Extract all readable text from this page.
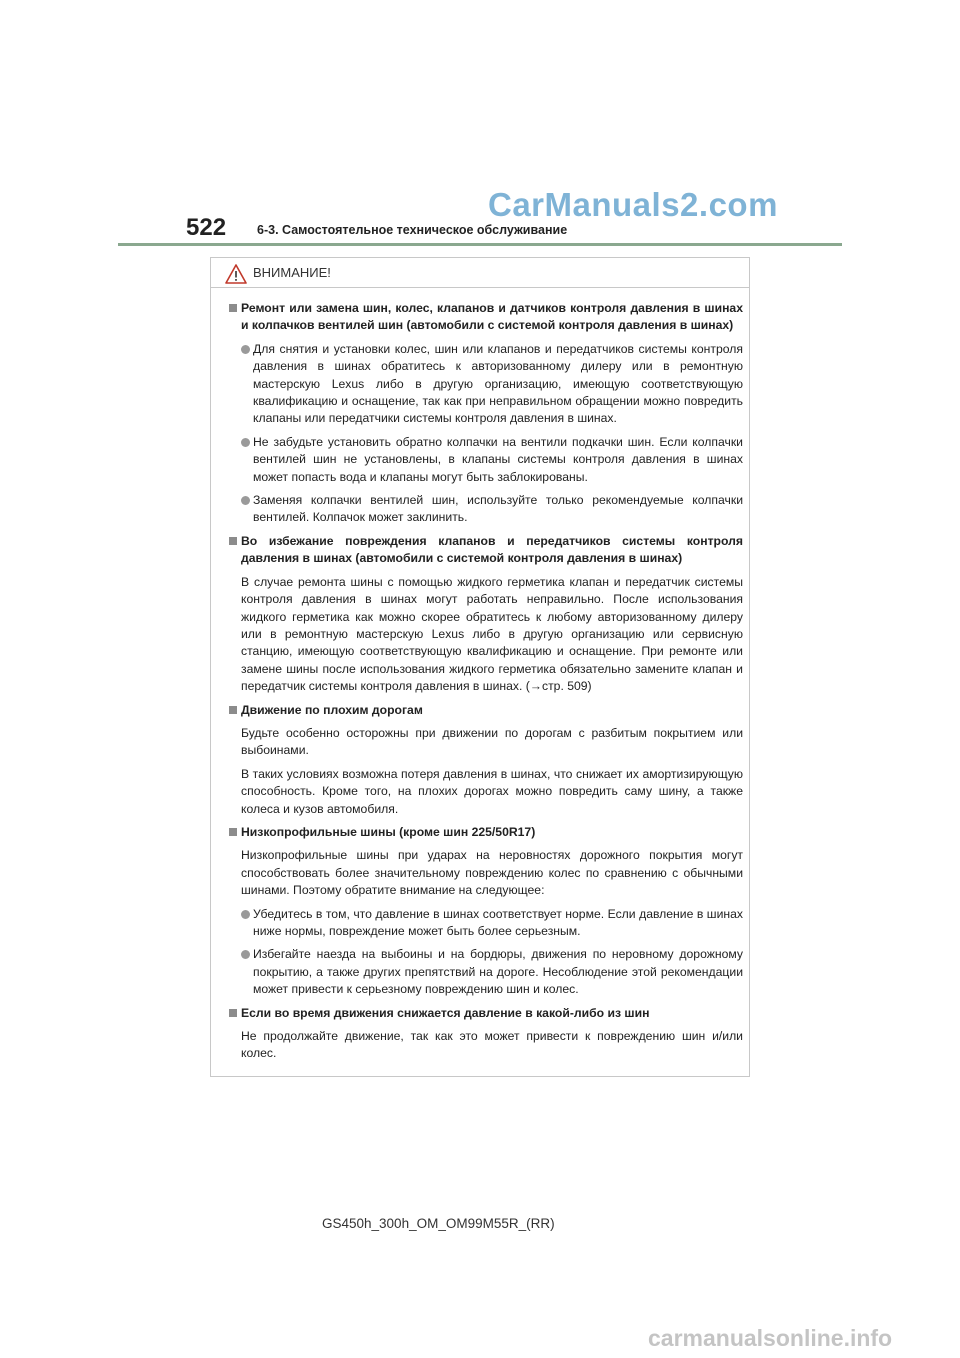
CarManuals2.com
522 6-3. Самостоятельное техническое обслуживание
ВНИМАНИЕ!
Ремонт или замена шин, колес, клапанов и датчиков контроля давления в шинах и колпачков вентилей шин (автомобили с системой контроля давления в шинах)
Для снятия и установки колес, шин или клапанов и передатчиков системы контроля давления в шинах обратитесь к авторизованному дилеру или в ремонтную мастерскую Lexus либо в другую организацию, имеющую соответствующую квалификацию и оснащение, так как при неправильном обращении можно повредить клапаны или передатчики системы контроля давления в шинах.
Не забудьте установить обратно колпачки на вентили подкачки шин. Если колпачки вентилей шин не установлены, в клапаны системы контроля давления в шинах может попасть вода и клапаны могут быть заблокированы.
Заменяя колпачки вентилей шин, используйте только рекомендуемые колпачки вентилей. Колпачок может заклинить.
Во избежание повреждения клапанов и передатчиков системы контроля давления в шинах (автомобили с системой контроля давления в шинах)
В случае ремонта шины с помощью жидкого герметика клапан и передатчик системы контроля давления в шинах могут работать неправильно. После использования жидкого герметика как можно скорее обратитесь к любому авторизованному дилеру или в ремонтную мастерскую Lexus либо в другую организацию или сервисную станцию, имеющую соответствующую квалификацию и оснащение. При ремонте или замене шины после использования жидкого герметика обязательно замените клапан и передатчик системы контроля давления в шинах. (→стр. 509)
Движение по плохим дорогам
Будьте особенно осторожны при движении по дорогам с разбитым покрытием или выбоинами.
В таких условиях возможна потеря давления в шинах, что снижает их амортизирующую способность. Кроме того, на плохих дорогах можно повредить саму шину, а также колеса и кузов автомобиля.
Низкопрофильные шины (кроме шин 225/50R17)
Низкопрофильные шины при ударах на неровностях дорожного покрытия могут способствовать более значительному повреждению колес по сравнению с обычными шинами. Поэтому обратите внимание на следующее:
Убедитесь в том, что давление в шинах соответствует норме. Если давление в шинах ниже нормы, повреждение может быть более серьезным.
Избегайте наезда на выбоины и на бордюры, движения по неровному дорожному покрытию, а также других препятствий на дороге. Несоблюдение этой рекомендации может привести к серьезному повреждению шин и колес.
Если во время движения снижается давление в какой-либо из шин
Не продолжайте движение, так как это может привести к повреждению шин и/или колес.
GS450h_300h_OM_OM99M55R_(RR)
carmanualsonline.info
